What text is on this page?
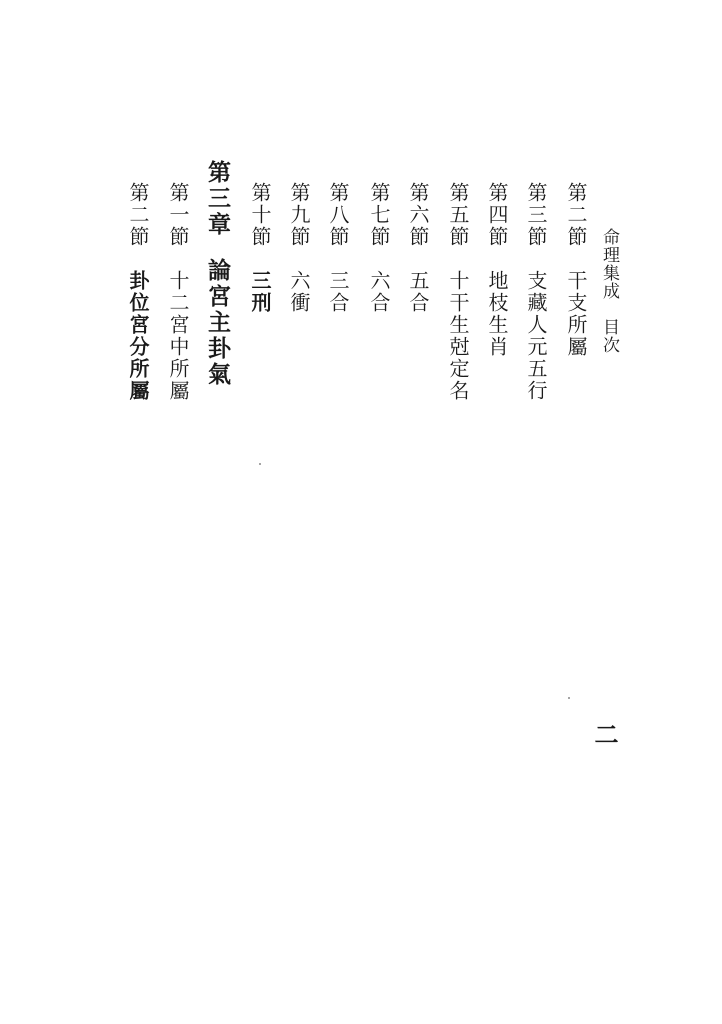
命理集成目次
第二節干支所屬
第三節支藏人元五行
第四節地枝生肖
第五節十干生尅定名
第六節五合
第七節六合
第八節三合
第九節六衝
第十節三刑
第三章論宮主卦氣
第一節十二宮中所屬
第二節卦位宮分所屬
二
